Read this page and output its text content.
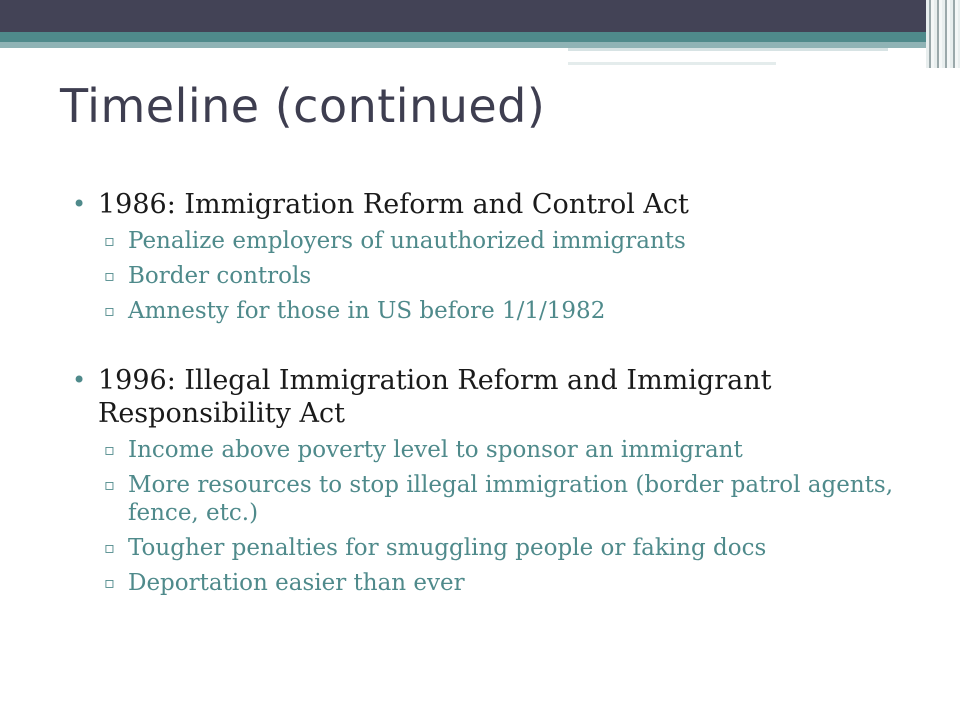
Timeline (continued)
• 1986: Immigration Reform and Control Act
▫ Penalize employers of unauthorized immigrants
▫ Border controls
▫ Amnesty for those in US before 1/1/1982
• 1996: Illegal Immigration Reform and Immigrant Responsibility Act
▫ Income above poverty level to sponsor an immigrant
▫ More resources to stop illegal immigration (border patrol agents, fence, etc.)
▫ Tougher penalties for smuggling people or faking docs
▫ Deportation easier than ever
